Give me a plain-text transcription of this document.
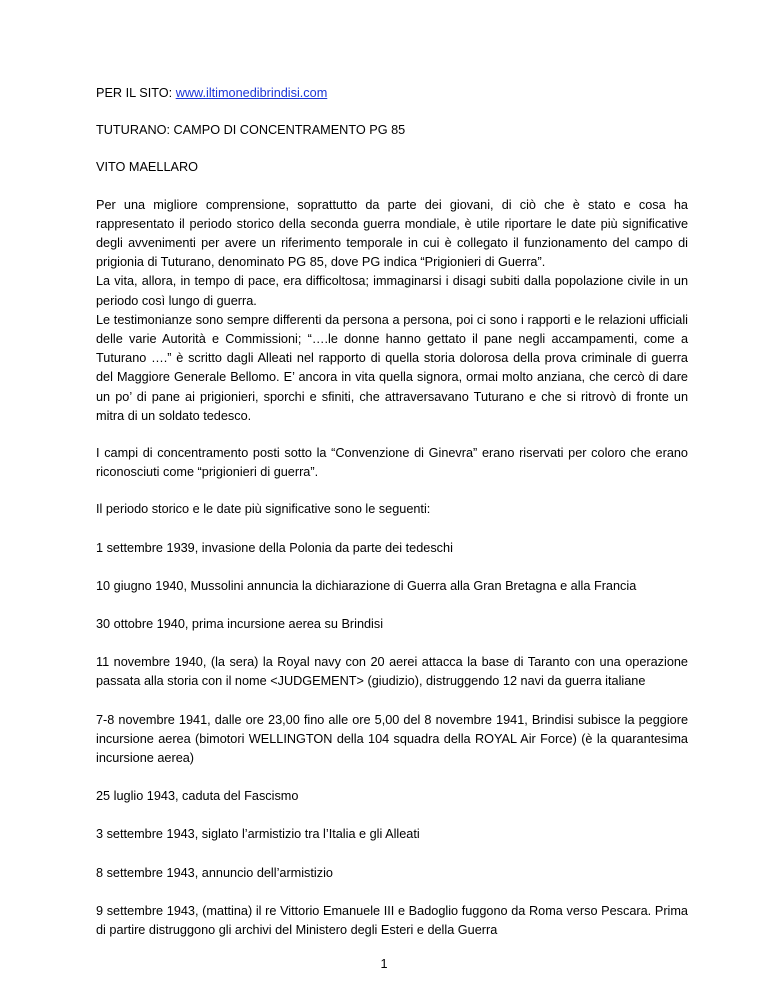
PER IL SITO: www.iltimonedibrindisi.com

TUTURANO: CAMPO DI CONCENTRAMENTO PG 85

VITO MAELLARO

Per una migliore comprensione, soprattutto da parte dei giovani, di ciò che è stato e cosa ha rappresentato il periodo storico della seconda guerra mondiale, è utile riportare le date più significative degli avvenimenti per avere un riferimento temporale in cui è collegato il funzionamento del campo di prigionia di Tuturano, denominato PG 85, dove PG indica “Prigionieri di Guerra”.

La vita, allora, in tempo di pace, era difficoltosa; immaginarsi i disagi subiti dalla popolazione civile in un periodo così lungo di guerra.

Le testimonianze sono sempre differenti da persona a persona, poi ci sono i rapporti e le relazioni ufficiali delle varie Autorità e Commissioni; “….le donne hanno gettato il pane negli accampamenti, come a Tuturano ….” è scritto dagli Alleati nel rapporto di quella storia dolorosa della prova criminale di guerra del Maggiore Generale Bellomo. E’ ancora in vita quella signora, ormai molto anziana, che cercò di dare un po’ di pane ai prigionieri, sporchi e sfiniti, che attraversavano Tuturano e che si ritrovò di fronte un mitra di un soldato tedesco.

I campi di concentramento posti sotto la “Convenzione di Ginevra” erano riservati per coloro che erano riconosciuti come “prigionieri di guerra”.

Il periodo storico e le date più significative sono le seguenti:

1 settembre 1939, invasione della Polonia da parte dei tedeschi

10 giugno 1940, Mussolini annuncia la dichiarazione di Guerra alla Gran Bretagna e alla Francia

30 ottobre 1940, prima incursione aerea su Brindisi

11 novembre 1940, (la sera) la Royal navy con 20 aerei attacca la base di Taranto con una operazione passata alla storia con il nome <JUDGEMENT> (giudizio), distruggendo 12 navi da guerra italiane

7-8 novembre 1941, dalle ore 23,00 fino alle ore 5,00 del 8 novembre 1941, Brindisi subisce la peggiore incursione aerea (bimotori WELLINGTON della 104 squadra della ROYAL Air Force) (è la quarantesima incursione aerea)

25 luglio 1943, caduta del Fascismo

3 settembre 1943, siglato l’armistizio tra l’Italia e gli Alleati

8 settembre 1943, annuncio dell’armistizio

9 settembre 1943, (mattina) il re Vittorio Emanuele III e Badoglio fuggono da Roma verso Pescara. Prima di partire distruggono gli archivi del Ministero degli Esteri e della Guerra

1
